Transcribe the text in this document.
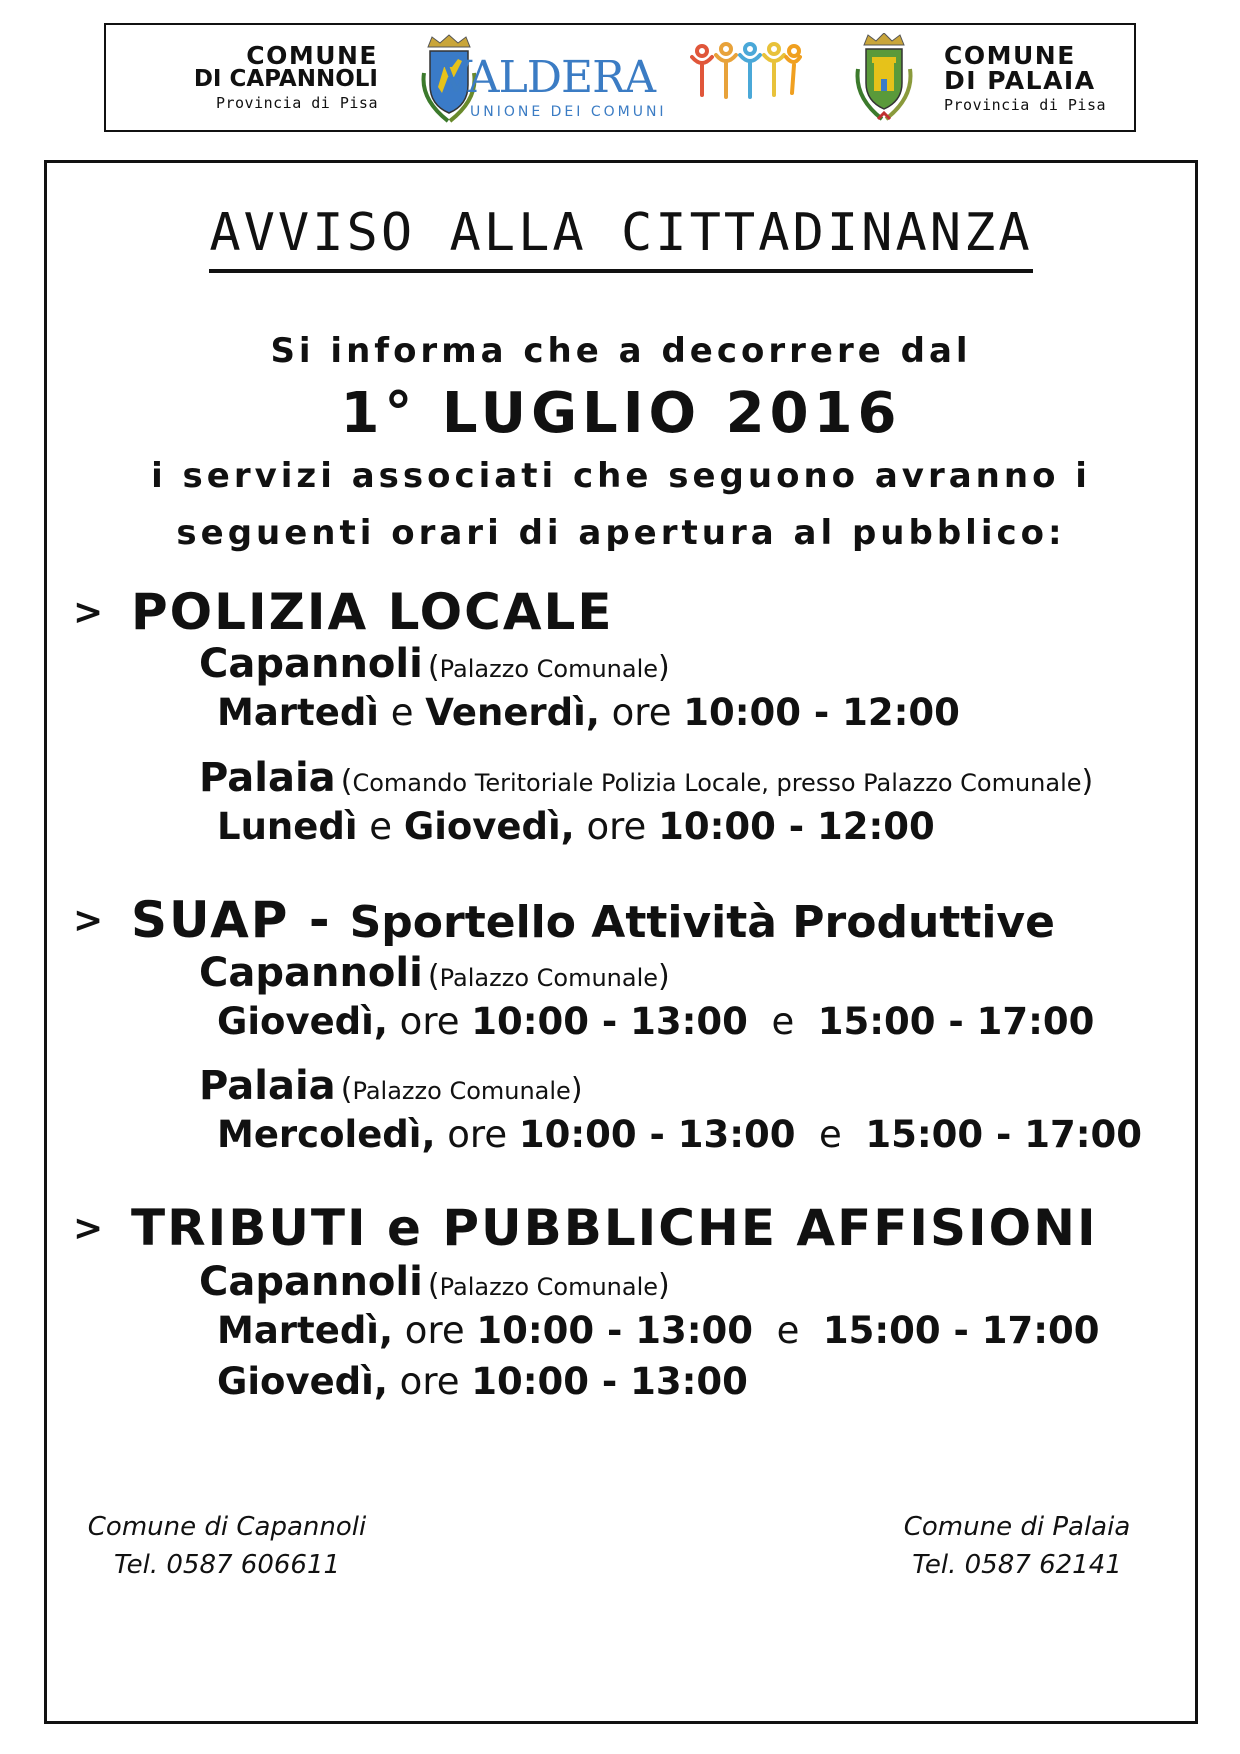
COMUNE
DI CAPANNOLI
Provincia di Pisa VALDERA
UNIONE DEI COMUNI
COMUNE
DI PALAIA
Provincia di Pisa
AVVISO ALLA CITTADINANZA
Si informa che a decorrere dal
1° LUGLIO 2016
i servizi associati che seguono avranno i
seguenti orari di apertura al pubblico:
> POLIZIA LOCALE
Capannoli (Palazzo Comunale)
Martedì e Venerdì, ore 10:00 - 12:00
Palaia (Comando Teritoriale Polizia Locale, presso Palazzo Comunale)
Lunedì e Giovedì, ore 10:00 - 12:00
> SUAP - Sportello Attività Produttive
Capannoli (Palazzo Comunale)
Giovedì, ore 10:00 - 13:00  e  15:00 - 17:00
Palaia (Palazzo Comunale)
Mercoledì, ore 10:00 - 13:00  e  15:00 - 17:00
> TRIBUTI e PUBBLICHE AFFISIONI
Capannoli (Palazzo Comunale)
Martedì, ore 10:00 - 13:00  e  15:00 - 17:00
Giovedì, ore 10:00 - 13:00
Comune di Capannoli
Tel. 0587 606611
Comune di Palaia
Tel. 0587 62141
